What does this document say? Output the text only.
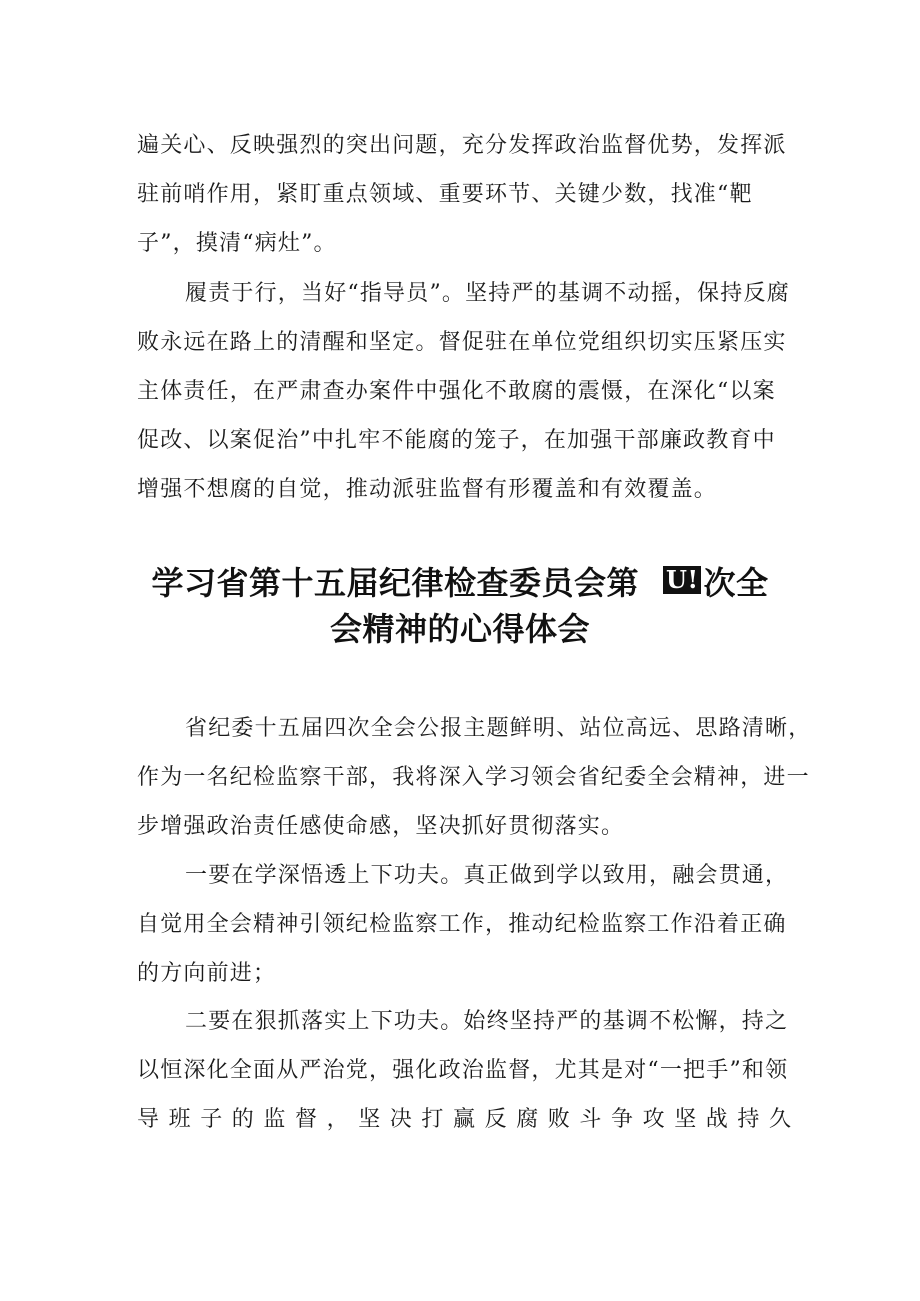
遍关心、反映强烈的突出问题，充分发挥政治监督优势，发挥派驻前哨作用，紧盯重点领域、重要环节、关键少数，找准“靶子”，摸清“病灶”。

履责于行，当好“指导员”。坚持严的基调不动摇，保持反腐败永远在路上的清醒和坚定。督促驻在单位党组织切实压紧压实主体责任，在严肃查办案件中强化不敢腐的震慑，在深化“以案促改、以案促治”中扎牢不能腐的笼子，在加强干部廉政教育中增强不想腐的自觉，推动派驻监督有形覆盖和有效覆盖。

学习省第十五届纪律检查委员会第 U! 次全
会精神的心得体会

省纪委十五届四次全会公报主题鲜明、站位高远、思路清晰，作为一名纪检监察干部，我将深入学习领会省纪委全会精神，进一步增强政治责任感使命感，坚决抓好贯彻落实。

一要在学深悟透上下功夫。真正做到学以致用，融会贯通，自觉用全会精神引领纪检监察工作，推动纪检监察工作沿着正确的方向前进；

二要在狠抓落实上下功夫。始终坚持严的基调不松懈，持之以恒深化全面从严治党，强化政治监督，尤其是对“一把手”和领

导班子的监督，坚决打赢反腐败斗争攻坚战持久
